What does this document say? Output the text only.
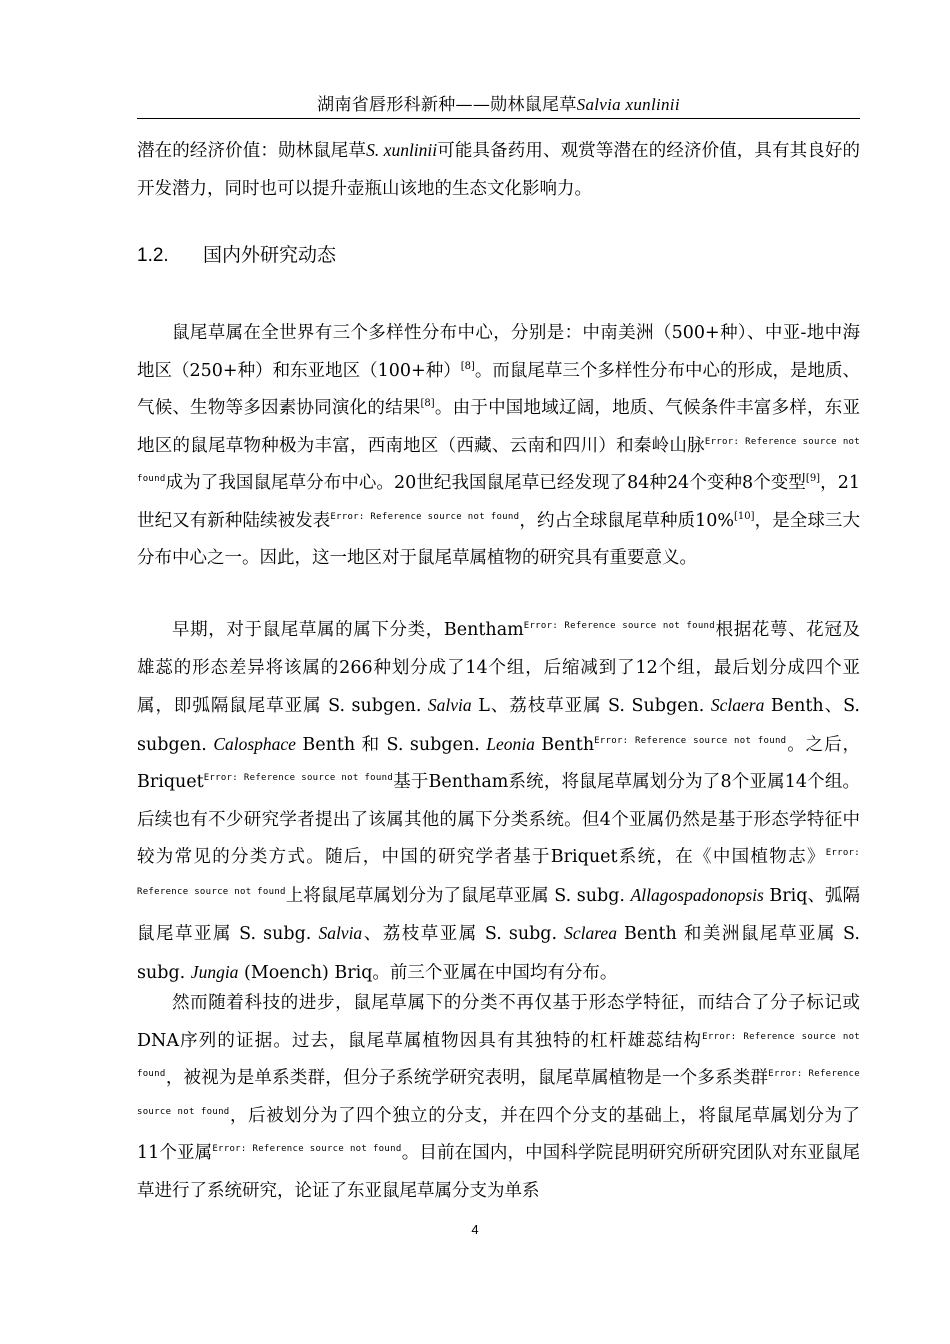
湖南省唇形科新种——勋林鼠尾草Salvia xunlinii
潜在的经济价值：勋林鼠尾草S. xunlinii可能具备药用、观赏等潜在的经济价值，具有其良好的开发潜力，同时也可以提升壶瓶山该地的生态文化影响力。
1.2. 国内外研究动态
鼠尾草属在全世界有三个多样性分布中心，分别是：中南美洲（500+种）、中亚-地中海地区（250+种）和东亚地区（100+种）[8]。而鼠尾草三个多样性分布中心的形成，是地质、气候、生物等多因素协同演化的结果[8]。由于中国地域辽阔，地质、气候条件丰富多样，东亚地区的鼠尾草物种极为丰富，西南地区（西藏、云南和四川）和秦岭山脉$^{Error: Reference source not found}$成为了我国鼠尾草分布中心。20世纪我国鼠尾草已经发现了84种24个变种8个变型[9]，21世纪又有新种陆续被发表$^{Error: Reference source not found}$，约占全球鼠尾草种质10%[10]，是全球三大分布中心之一。因此，这一地区对于鼠尾草属植物的研究具有重要意义。
早期，对于鼠尾草属的属下分类，Bentham$^{Error: Reference source not found}$根据花萼、花冠及雄蕊的形态差异将该属的266种划分成了14个组，后缩减到了12个组，最后划分成四个亚属，即弧隔鼠尾草亚属 S. subgen. Salvia L、荔枝草亚属 S. Subgen. Sclaera Benth、S. subgen. Calosphace Benth 和 S. subgen. Leonia Benth$^{Error: Reference source not found}$。之后，Briquet$^{Error: Reference source not found}$基于Bentham系统，将鼠尾草属划分为了8个亚属14个组。后续也有不少研究学者提出了该属其他的属下分类系统。但4个亚属仍然是基于形态学特征中较为常见的分类方式。随后，中国的研究学者基于Briquet系统，在《中国植物志》$^{Error: Reference source not found}$上将鼠尾草属划分为了鼠尾草亚属 S. subg. Allagospadonopsis Briq、弧隔鼠尾草亚属 S. subg. Salvia、荔枝草亚属 S. subg. Sclarea Benth 和美洲鼠尾草亚属 S. subg. Jungia (Moench) Briq。前三个亚属在中国均有分布。
然而随着科技的进步，鼠尾草属下的分类不再仅基于形态学特征，而结合了分子标记或DNA序列的证据。过去，鼠尾草属植物因具有其独特的杠杆雄蕊结构$^{Error: Reference source not found}$，被视为是单系类群，但分子系统学研究表明，鼠尾草属植物是一个多系类群$^{Error: Reference source not found}$，后被划分为了四个独立的分支，并在四个分支的基础上，将鼠尾草属划分为了11个亚属$^{Error: Reference source not found}$。目前在国内，中国科学院昆明研究所研究团队对东亚鼠尾草进行了系统研究，论证了东亚鼠尾草属分支为单系
4
